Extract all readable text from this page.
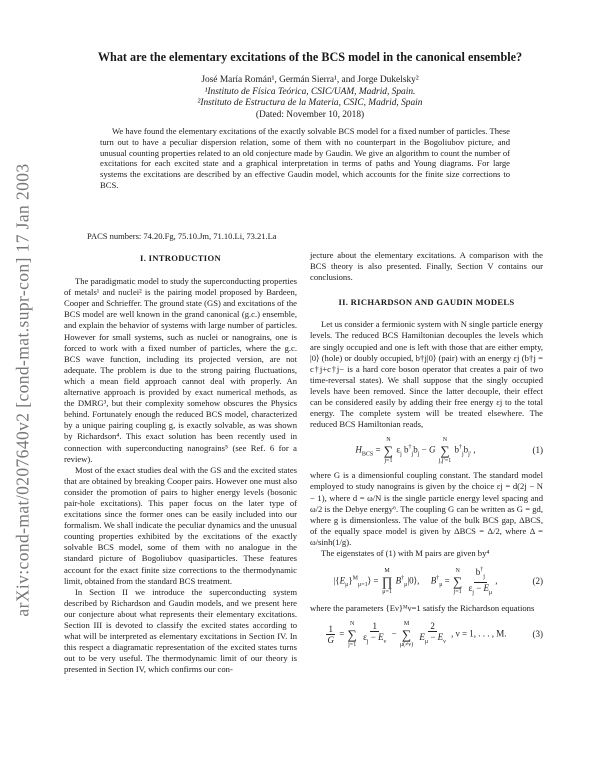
arXiv:cond-mat/0207640v2 [cond-mat.supr-con] 17 Jan 2003
What are the elementary excitations of the BCS model in the canonical ensemble?
José María Román¹, Germán Sierra¹, and Jorge Dukelsky²
¹Instituto de Física Teórica, CSIC/UAM, Madrid, Spain.
²Instituto de Estructura de la Materia, CSIC, Madrid, Spain
(Dated: November 10, 2018)

We have found the elementary excitations of the exactly solvable BCS model for a fixed number of particles. These turn out to have a peculiar dispersion relation, some of them with no counterpart in the Bogoliubov picture, and unusual counting properties related to an old conjecture made by Gaudin. We give an algorithm to count the number of excitations for each excited state and a graphical interpretation in terms of paths and Young diagrams. For large systems the excitations are described by an effective Gaudin model, which accounts for the finite size corrections to BCS.

PACS numbers: 74.20.Fg, 75.10.Jm, 71.10.Li, 73.21.La

I. INTRODUCTION

The paradigmatic model to study the superconducting properties of metals¹ and nuclei² is the pairing model proposed by Bardeen, Cooper and Schrieffer. The ground state (GS) and excitations of the BCS model are well known in the grand canonical (g.c.) ensemble, and explain the behavior of systems with large number of particles. However for small systems, such as nuclei or nanograins, one is forced to work with a fixed number of particles, where the g.c. BCS wave function, including its projected version, are not adequate. The problem is due to the strong pairing fluctuations, which a mean field approach cannot deal with properly. An alternative approach is provided by exact numerical methods, as the DMRG³, but their complexity somehow obscures the Physics behind. Fortunately enough the reduced BCS model, characterized by a unique pairing coupling g, is exactly solvable, as was shown by Richardson⁴. This exact solution has been recently used in connection with superconducting nanograins⁵ (see Ref. 6 for a review).

Most of the exact studies deal with the GS and the excited states that are obtained by breaking Cooper pairs. However one must also consider the promotion of pairs to higher energy levels (bosonic pair-hole excitations). This paper focus on the later type of excitations since the former ones can be easily included into our formalism. We shall indicate the peculiar dynamics and the unusual counting properties exhibited by the excitations of the exactly solvable BCS model, some of them with no analogue in the standard picture of Bogoliubov quasiparticles. These features account for the exact finite size corrections to the thermodynamic limit, obtained from the standard BCS treatment.

In Section II we introduce the superconducting system described by Richardson and Gaudin models, and we present here our conjecture about what represents their elementary excitations. Section III is devoted to classify the excited states according to what will be interpreted as elementary excitations in Section IV. In this respect a diagramatic representation of the excited states turns out to be very useful. The thermodynamic limit of our theory is presented in Section IV, which confirms our con-

jecture about the elementary excitations. A comparison with the BCS theory is also presented. Finally, Section V contains our conclusions.

II. RICHARDSON AND GAUDIN MODELS

Let us consider a fermionic system with N single particle energy levels. The reduced BCS Hamiltonian decouples the levels which are singly occupied and one is left with those that are either empty, |0⟩ (hole) or doubly occupied, b†j|0⟩ (pair) with an energy εj (b†j = c†j+c†j− is a hard core boson operator that creates a pair of two time-reversal states). We shall suppose that the singly occupied levels have been removed. Since the latter decouple, their effect can be considered easily by adding their free energy εj to the total energy. The complete system will be treated elsewhere. The reduced BCS Hamiltonian reads,

$H_{BCS}$ =
N
∑
j=1
$\varepsilon_j$ $b^\dagger_jb_j - G$
N
∑
j,j′=1
$b^\dagger_jb_{j'}$ ,	(1)

where G is a dimensionful coupling constant. The standard model employed to study nanograins is given by the choice εj = d(2j − N − 1), where d = ω/N is the single particle energy level spacing and ω/2 is the Debye energy⁶. The coupling G can be written as G = gd, where g is dimensionless. The value of the bulk BCS gap, ΔBCS, of the equally space model is given by ΔBCS = Δ/2, where Δ = ω/sinh(1/g).

The eigenstates of (1) with M pairs are given by⁴

$|\{E_\mu\}^M_{\mu=1}⟩$ =
M
∏
μ=1
$B^\dagger_\mu|0⟩$,     $B^\dagger_\mu$ =
N
∑
j=1
$\frac{b^\dagger_j}{\varepsilon_j - E_\mu}$ ,	(2)

where the parameters {Eν}ᴹν=1 satisfy the Richardson equations

$\frac{1}{G}$ =
N
∑
j=1
$\frac{1}{\varepsilon_j - E_\nu}$ −
M
∑
μ(≠ν)
$\frac{2}{E_\mu - E_\nu}$ , ν = 1, . . . , M.	(3)
